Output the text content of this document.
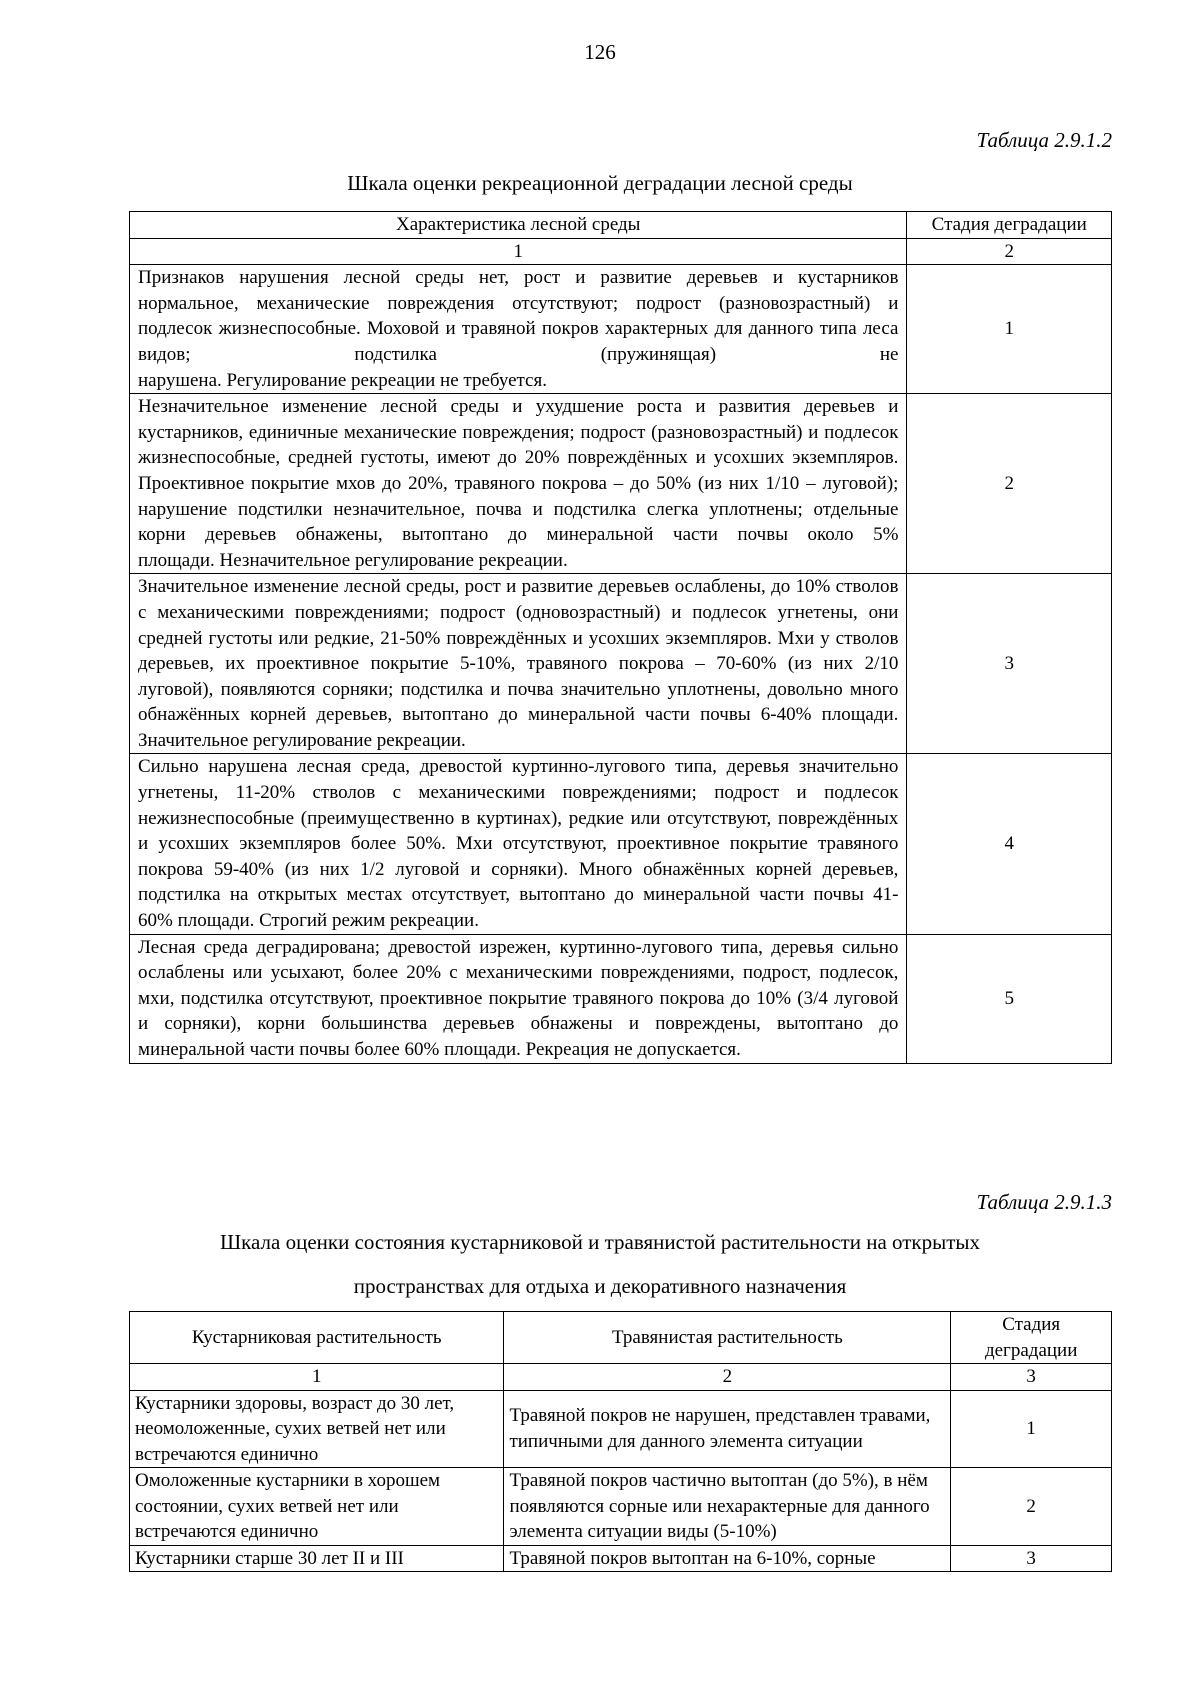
126
Таблица 2.9.1.2
Шкала оценки рекреационной деградации лесной среды
Характеристика лесной среды	Стадия деградации
1	2
Признаков нарушения лесной среды нет, рост и развитие деревьев и кустарников нормальное, механические повреждения отсутствуют; подрост (разновозрастный) и подлесок жизнеспособные. Моховой и травяной покров характерных для данного типа леса видов; подстилка (пружинящая) не
нарушена. Регулирование рекреации не требуется.	1
Незначительное изменение лесной среды и ухудшение роста и развития деревьев и кустарников, единичные механические повреждения; подрост (разновозрастный) и подлесок жизнеспособные, средней густоты, имеют до 20% повреждённых и усохших экземпляров. Проективное покрытие мхов до 20%, травяного покрова – до 50% (из них 1/10 – луговой); нарушение подстилки незначительное, почва и подстилка слегка уплотнены; отдельные корни деревьев обнажены, вытоптано до минеральной части почвы около 5%
площади. Незначительное регулирование рекреации.	2
Значительное изменение лесной среды, рост и развитие деревьев ослаблены, до 10% стволов с механическими повреждениями; подрост (одновозрастный) и подлесок угнетены, они средней густоты или редкие, 21-50% повреждённых и усохших экземпляров. Мхи у стволов деревьев, их проективное покрытие 5-10%, травяного покрова – 70-60% (из них 2/10 луговой), появляются сорняки; подстилка и почва значительно уплотнены, довольно много обнажённых корней деревьев, вытоптано до минеральной части почвы 6-40% площади.
Значительное регулирование рекреации.	3
Сильно нарушена лесная среда, древостой куртинно-лугового типа, деревья значительно угнетены, 11-20% стволов с механическими повреждениями; подрост и подлесок нежизнеспособные (преимущественно в куртинах), редкие или отсутствуют, повреждённых и усохших экземпляров более 50%. Мхи отсутствуют, проективное покрытие травяного покрова 59-40% (из них 1/2 луговой и сорняки). Много обнажённых корней деревьев, подстилка на открытых местах отсутствует, вытоптано до минеральной части почвы 41-
60% площади. Строгий режим рекреации.	4
Лесная среда деградирована; древостой изрежен, куртинно-лугового типа, деревья сильно ослаблены или усыхают, более 20% с механическими повреждениями, подрост, подлесок, мхи, подстилка отсутствуют, проективное покрытие травяного покрова до 10% (3/4 луговой и сорняки), корни большинства деревьев обнажены и повреждены, вытоптано до
минеральной части почвы более 60% площади. Рекреация не допускается.	5
Таблица 2.9.1.3
Шкала оценки состояния кустарниковой и травянистой растительности на открытых
пространствах для отдыха и декоративного назначения
Кустарниковая растительность	Травянистая растительность	Стадия деградации
1	2	3
Кустарники здоровы, возраст до 30 лет, неомоложенные, сухих ветвей нет или встречаются единично	Травяной покров не нарушен, представлен травами, типичными для данного элемента ситуации	1
Омоложенные кустарники в хорошем состоянии, сухих ветвей нет или встречаются единично	Травяной покров частично вытоптан (до 5%), в нём появляются сорные или нехарактерные для данного элемента ситуации виды (5-10%)	2
Кустарники старше 30 лет II и III	Травяной покров вытоптан на 6-10%, сорные	3
